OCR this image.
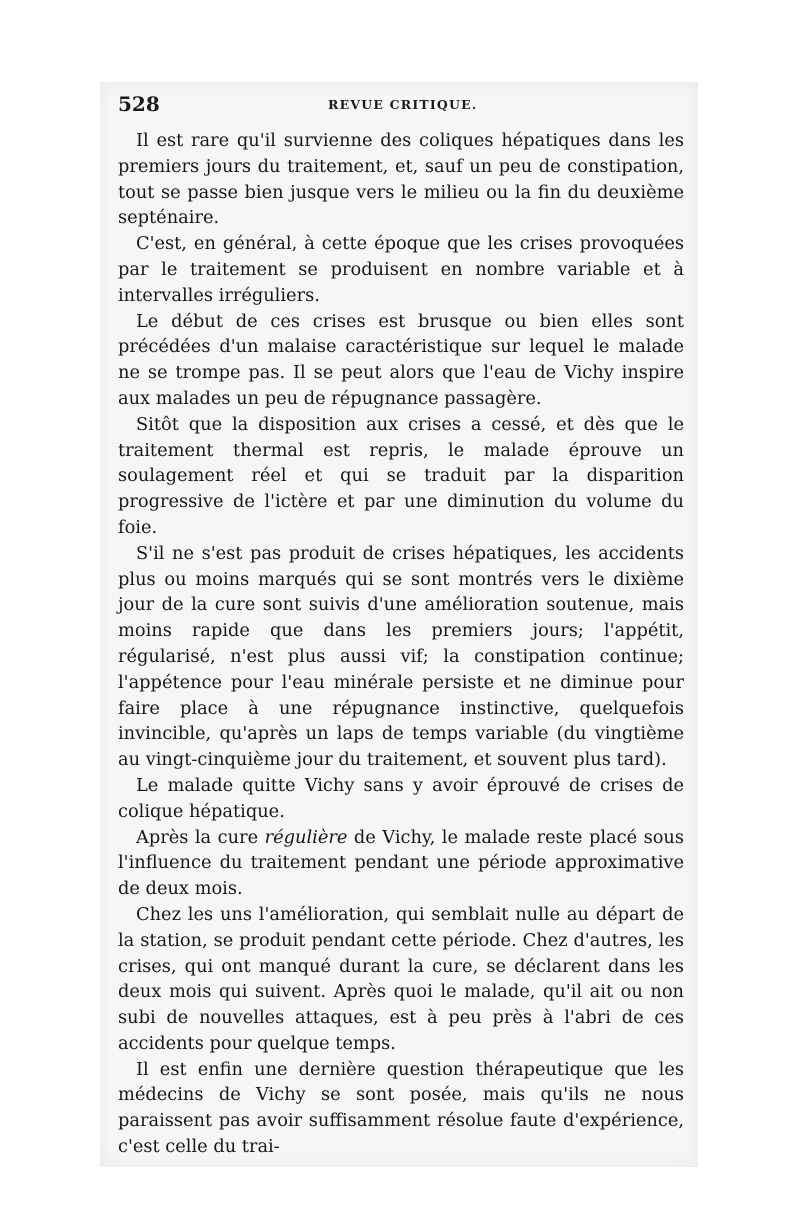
528	REVUE CRITIQUE.

Il est rare qu'il survienne des coliques hépatiques dans les premiers jours du traitement, et, sauf un peu de constipation, tout se passe bien jusque vers le milieu ou la fin du deuxième septénaire.

C'est, en général, à cette époque que les crises provoquées par le traitement se produisent en nombre variable et à intervalles irréguliers.

Le début de ces crises est brusque ou bien elles sont précédées d'un malaise caractéristique sur lequel le malade ne se trompe pas. Il se peut alors que l'eau de Vichy inspire aux malades un peu de répugnance passagère.

Sitôt que la disposition aux crises a cessé, et dès que le traitement thermal est repris, le malade éprouve un soulagement réel et qui se traduit par la disparition progressive de l'ictère et par une diminution du volume du foie.

S'il ne s'est pas produit de crises hépatiques, les accidents plus ou moins marqués qui se sont montrés vers le dixième jour de la cure sont suivis d'une amélioration soutenue, mais moins rapide que dans les premiers jours; l'appétit, régularisé, n'est plus aussi vif; la constipation continue; l'appétence pour l'eau minérale persiste et ne diminue pour faire place à une répugnance instinctive, quelquefois invincible, qu'après un laps de temps variable (du vingtième au vingt-cinquième jour du traitement, et souvent plus tard).

Le malade quitte Vichy sans y avoir éprouvé de crises de colique hépatique.

Après la cure régulière de Vichy, le malade reste placé sous l'influence du traitement pendant une période approximative de deux mois.

Chez les uns l'amélioration, qui semblait nulle au départ de la station, se produit pendant cette période. Chez d'autres, les crises, qui ont manqué durant la cure, se déclarent dans les deux mois qui suivent. Après quoi le malade, qu'il ait ou non subi de nouvelles attaques, est à peu près à l'abri de ces accidents pour quelque temps.

Il est enfin une dernière question thérapeutique que les médecins de Vichy se sont posée, mais qu'ils ne nous paraissent pas avoir suffisamment résolue faute d'expérience, c'est celle du trai-
